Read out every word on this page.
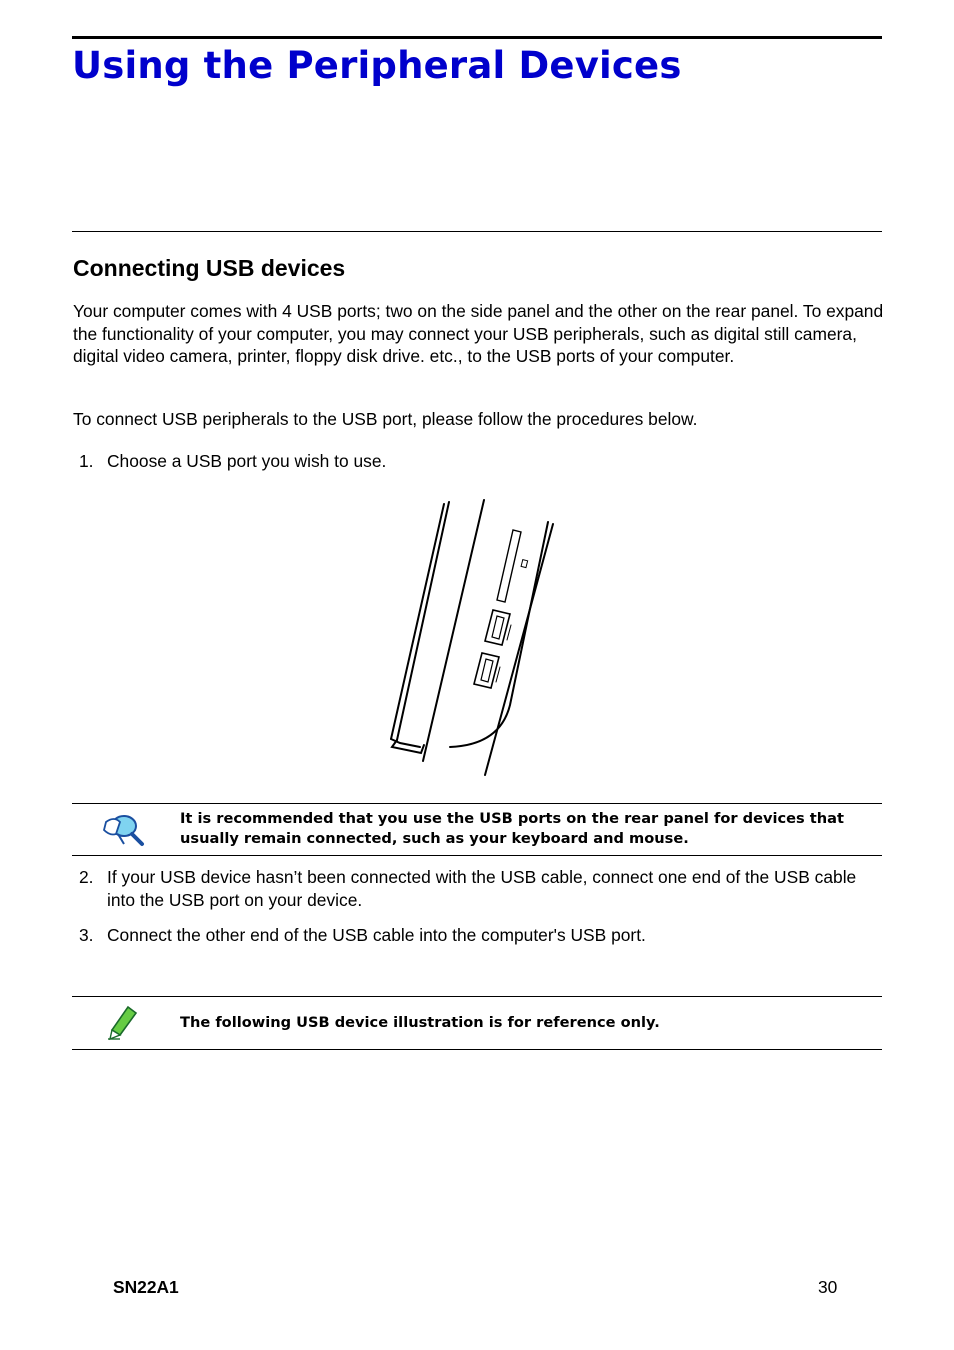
Using the Peripheral Devices
Connecting USB devices

Your computer comes with 4 USB ports; two on the side panel and the other on the rear panel. To expand the functionality of your computer, you may connect your USB peripherals, such as digital still camera, digital video camera, printer, floppy disk drive. etc., to the USB ports of your computer.

To connect USB peripherals to the USB port, please follow the procedures below.

1. Choose a USB port you wish to use.

It is recommended that you use the USB ports on the rear panel for devices that usually remain connected, such as your keyboard and mouse.

2. If your USB device hasn’t been connected with the USB cable, connect one end of the USB cable into the USB port on your device.
3. Connect the other end of the USB cable into the computer's USB port.

The following USB device illustration is for reference only.

SN22A1	30
